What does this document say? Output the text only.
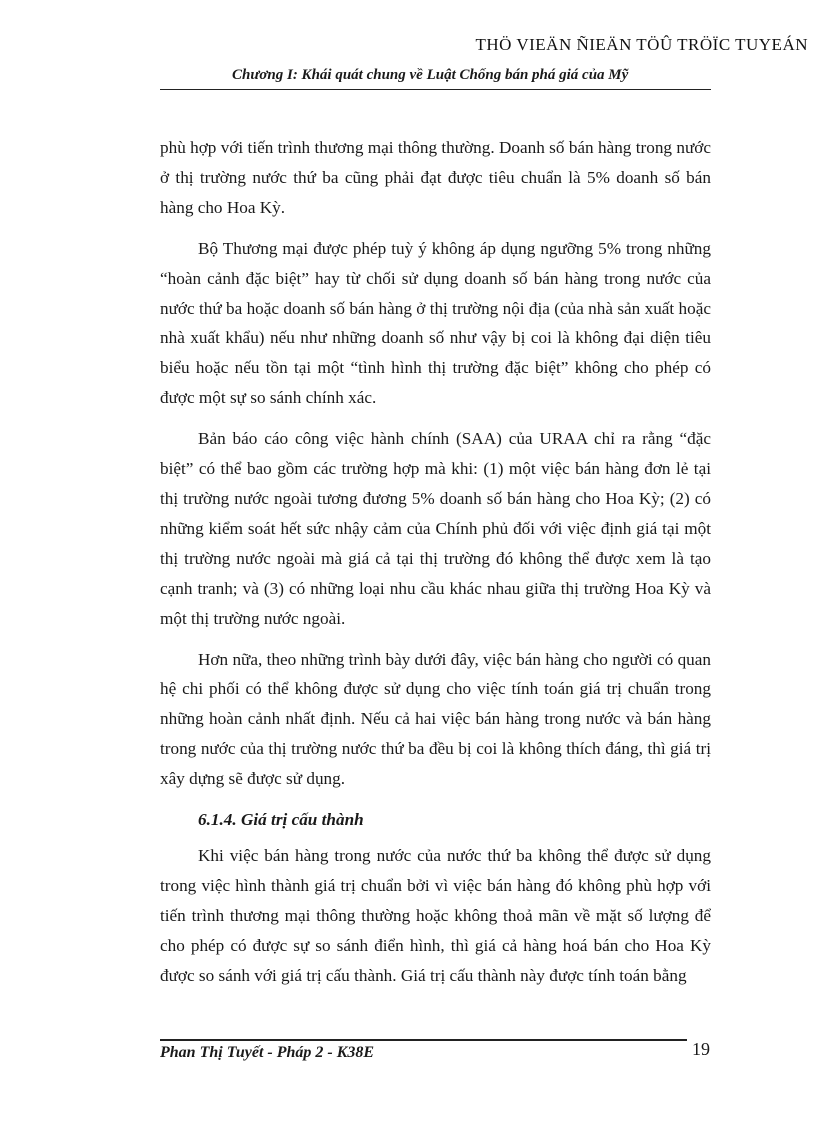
THÖ VIEÄN ÑIEÄN TÖÛ TRÖÏC TUYEÁN
Chương I: Khái quát chung về Luật Chống bán phá giá của Mỹ

phù hợp với tiến trình thương mại thông thường. Doanh số bán hàng trong nước ở thị trường nước thứ ba cũng phải đạt được tiêu chuẩn là 5% doanh số bán hàng cho Hoa Kỳ.

Bộ Thương mại được phép tuỳ ý không áp dụng ngưỡng 5% trong những “hoàn cảnh đặc biệt” hay từ chối sử dụng doanh số bán hàng trong nước của nước thứ ba hoặc doanh số bán hàng ở thị trường nội địa (của nhà sản xuất hoặc nhà xuất khẩu) nếu như những doanh số như vậy bị coi là không đại diện tiêu biểu hoặc nếu tồn tại một “tình hình thị trường đặc biệt” không cho phép có được một sự so sánh chính xác.

Bản báo cáo công việc hành chính (SAA) của URAA chỉ ra rằng “đặc biệt” có thể bao gồm các trường hợp mà khi: (1) một việc bán hàng đơn lẻ tại thị trường nước ngoài tương đương 5% doanh số bán hàng cho Hoa Kỳ; (2) có những kiểm soát hết sức nhậy cảm của Chính phủ đối với việc định giá tại một thị trường nước ngoài mà giá cả tại thị trường đó không thể được xem là tạo cạnh tranh; và (3) có những loại nhu cầu khác nhau giữa thị trường Hoa Kỳ và một thị trường nước ngoài.

Hơn nữa, theo những trình bày dưới đây, việc bán hàng cho người có quan hệ chi phối có thể không được sử dụng cho việc tính toán giá trị chuẩn trong những hoàn cảnh nhất định. Nếu cả hai việc bán hàng trong nước và bán hàng trong nước của thị trường nước thứ ba đều bị coi là không thích đáng, thì giá trị xây dựng sẽ được sử dụng.

6.1.4. Giá trị cấu thành

Khi việc bán hàng trong nước của nước thứ ba không thể được sử dụng trong việc hình thành giá trị chuẩn bởi vì việc bán hàng đó không phù hợp với tiến trình thương mại thông thường hoặc không thoả mãn về mặt số lượng để cho phép có được sự so sánh điển hình, thì giá cả hàng hoá bán cho Hoa Kỳ được so sánh với giá trị cấu thành. Giá trị cấu thành này được tính toán bằng

Phan Thị Tuyết - Pháp 2 - K38E	19
